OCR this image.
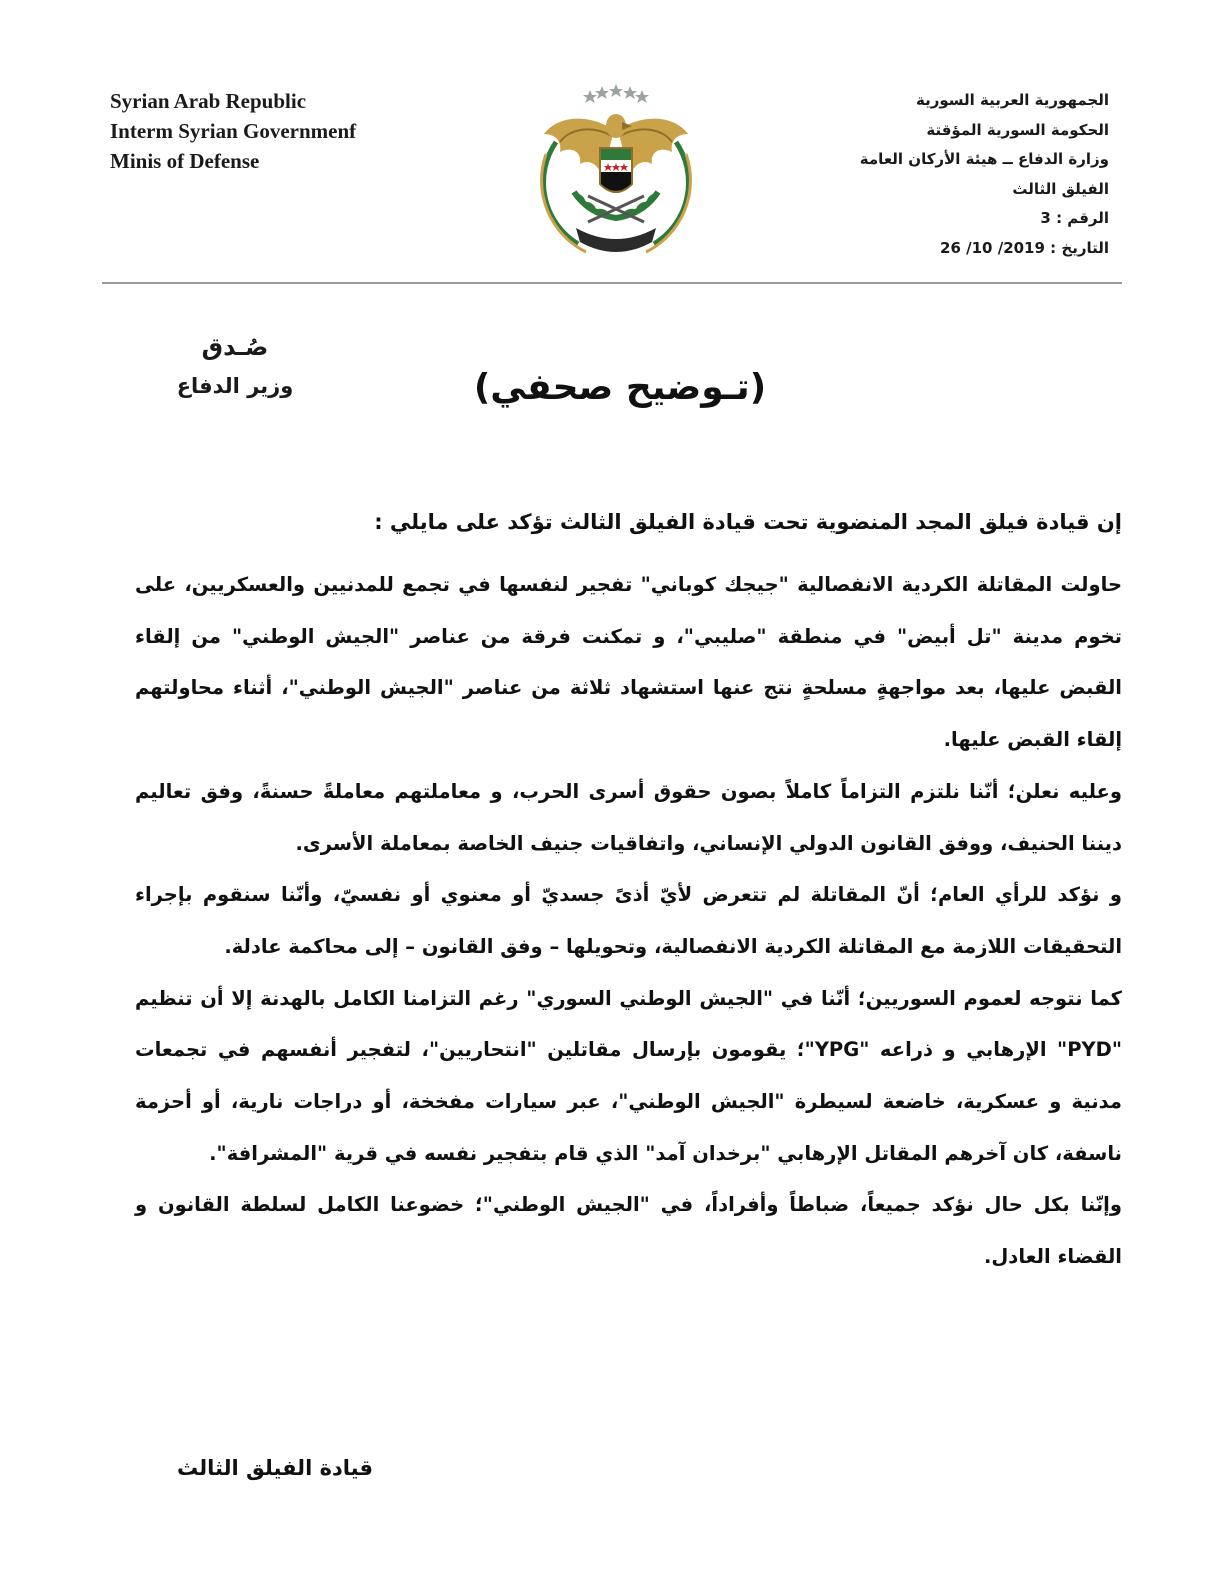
Syrian Arab Republic
Interm Syrian Governmenf
Minis of Defense
الجمهورية العربية السورية
الحكومة السورية المؤقتة
وزارة الدفاع ــ هيئة الأركان العامة
الفيلق الثالث
الرقم : 3
التاريخ : 2019/ 10/ 26
صُـدق
وزير الدفاع	(تـوضيح صحفي)
إن قيادة فيلق المجد المنضوية تحت قيادة الفيلق الثالث تؤكد على مايلي :

حاولت المقاتلة الكردية الانفصالية "جيجك كوباني" تفجير لنفسها في تجمع للمدنيين والعسكريين، على تخوم مدينة "تل أبيض" في منطقة "صليبي"، و تمكنت فرقة من عناصر "الجيش الوطني" من إلقاء القبض عليها، بعد مواجهةٍ مسلحةٍ نتج عنها استشهاد ثلاثة من عناصر "الجيش الوطني"، أثناء محاولتهم إلقاء القبض عليها.

وعليه نعلن؛ أنّنا نلتزم التزاماً كاملاً بصون حقوق أسرى الحرب، و معاملتهم معاملةً حسنةً، وفق تعاليم ديننا الحنيف، ووفق القانون الدولي الإنساني، واتفاقيات جنيف الخاصة بمعاملة الأسرى.

و نؤكد للرأي العام؛ أنّ المقاتلة لم تتعرض لأيّ أذىً جسديّ أو معنوي أو نفسيّ، وأنّنا سنقوم بإجراء التحقيقات اللازمة مع المقاتلة الكردية الانفصالية، وتحويلها – وفق القانون – إلى محاكمة عادلة.

كما نتوجه لعموم السوريين؛ أنّنا في "الجيش الوطني السوري" رغم التزامنا الكامل بالهدنة إلا أن تنظيم "PYD" الإرهابي و ذراعه "YPG"؛ يقومون بإرسال مقاتلين "انتحاريين"، لتفجير أنفسهم في تجمعات مدنية و عسكرية، خاضعة لسيطرة "الجيش الوطني"، عبر سيارات مفخخة، أو دراجات نارية، أو أحزمة ناسفة، كان آخرهم المقاتل الإرهابي "برخدان آمد" الذي قام بتفجير نفسه في قرية "المشرافة".

وإنّنا بكل حال نؤكد جميعاً، ضباطاً وأفراداً، في "الجيش الوطني"؛ خضوعنا الكامل لسلطة القانون و القضاء العادل.

قيادة الفيلق الثالث
